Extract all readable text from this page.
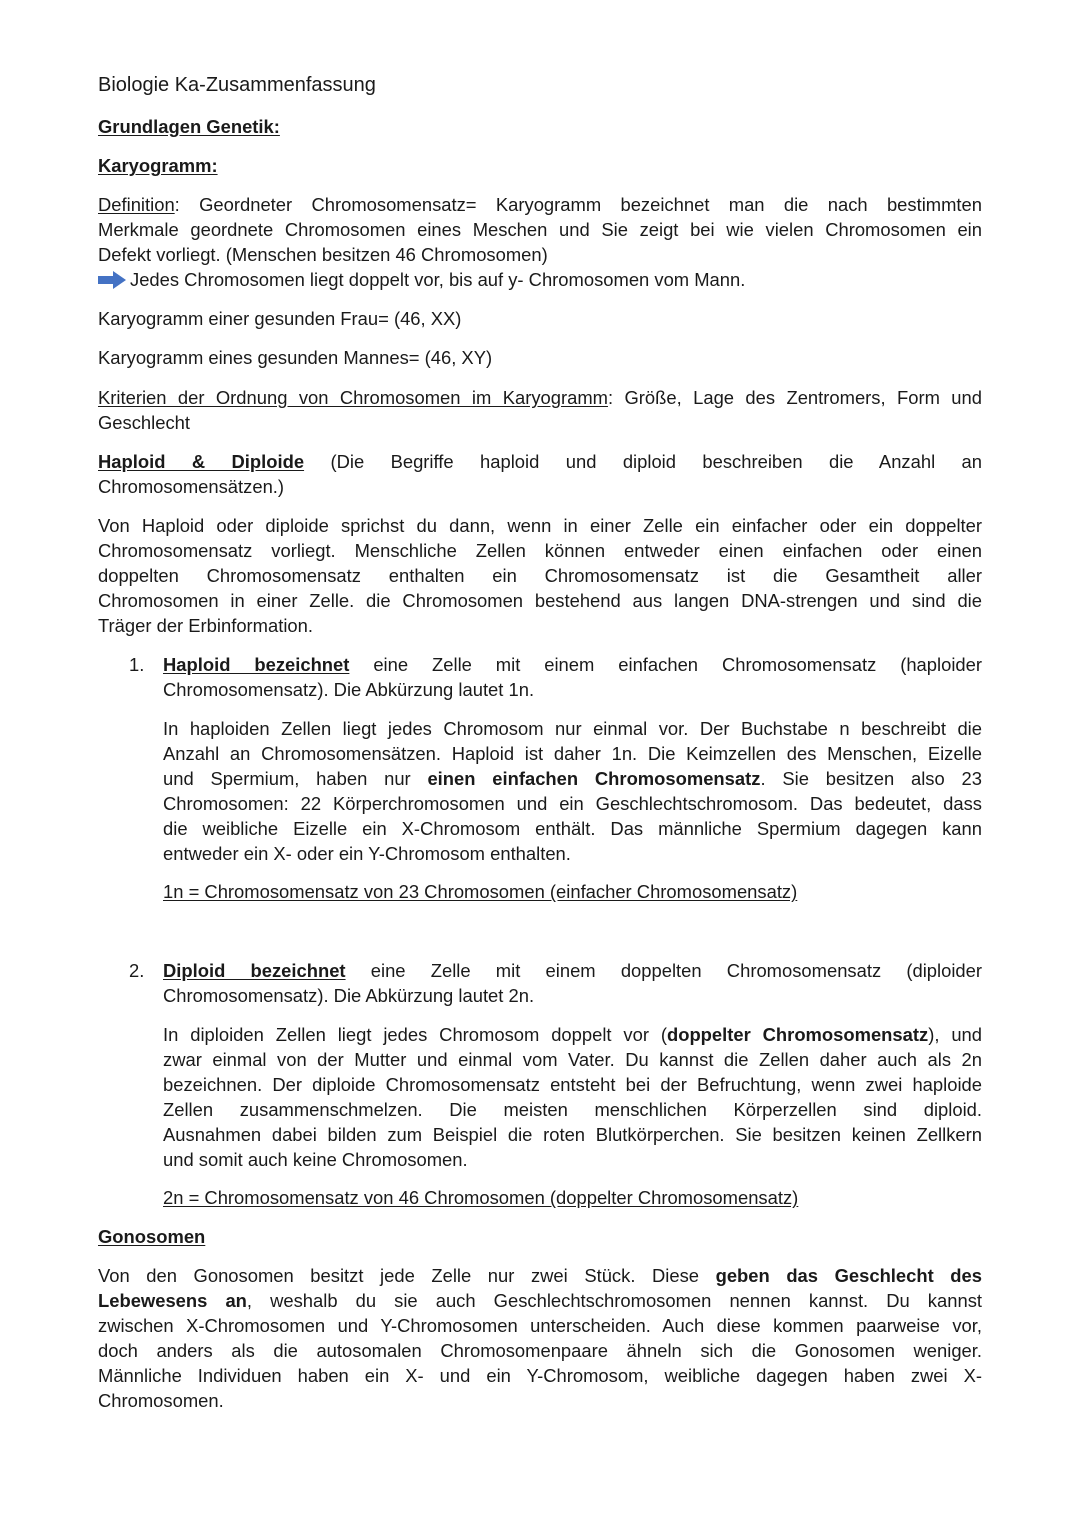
Biologie Ka-Zusammenfassung
Grundlagen Genetik:
Karyogramm:
Definition: Geordneter Chromosomensatz= Karyogramm bezeichnet man die nach bestimmten
Merkmale geordnete Chromosomen eines Meschen und Sie zeigt bei wie vielen Chromosomen ein
Defekt vorliegt. (Menschen besitzen 46 Chromosomen)
Jedes Chromosomen liegt doppelt vor, bis auf y- Chromosomen vom Mann.
Karyogramm einer gesunden Frau= (46, XX)
Karyogramm eines gesunden Mannes= (46, XY)
Kriterien der Ordnung von Chromosomen im Karyogramm: Größe, Lage des Zentromers, Form und
Geschlecht
Haploid & Diploide (Die Begriffe haploid und diploid beschreiben die Anzahl an
Chromosomensätzen.)
Von Haploid oder diploide sprichst du dann, wenn in einer Zelle ein einfacher oder ein doppelter
Chromosomensatz vorliegt. Menschliche Zellen können entweder einen einfachen oder einen
doppelten Chromosomensatz enthalten ein Chromosomensatz ist die Gesamtheit aller
Chromosomen in einer Zelle. die Chromosomen bestehend aus langen DNA-strengen und sind die
Träger der Erbinformation.
1. Haploid bezeichnet eine Zelle mit einem einfachen Chromosomensatz (haploider
Chromosomensatz). Die Abkürzung lautet 1n.
In haploiden Zellen liegt jedes Chromosom nur einmal vor. Der Buchstabe n beschreibt die
Anzahl an Chromosomensätzen. Haploid ist daher 1n. Die Keimzellen des Menschen, Eizelle
und Spermium, haben nur einen einfachen Chromosomensatz. Sie besitzen also 23
Chromosomen: 22 Körperchromosomen und ein Geschlechtschromosom. Das bedeutet, dass
die weibliche Eizelle ein X-Chromosom enthält. Das männliche Spermium dagegen kann
entweder ein X- oder ein Y-Chromosom enthalten.
1n = Chromosomensatz von 23 Chromosomen (einfacher Chromosomensatz)
2. Diploid bezeichnet eine Zelle mit einem doppelten Chromosomensatz (diploider
Chromosomensatz). Die Abkürzung lautet 2n.
In diploiden Zellen liegt jedes Chromosom doppelt vor (doppelter Chromosomensatz), und
zwar einmal von der Mutter und einmal vom Vater. Du kannst die Zellen daher auch als 2n
bezeichnen. Der diploide Chromosomensatz entsteht bei der Befruchtung, wenn zwei haploide
Zellen zusammenschmelzen. Die meisten menschlichen Körperzellen sind diploid.
Ausnahmen dabei bilden zum Beispiel die roten Blutkörperchen. Sie besitzen keinen Zellkern
und somit auch keine Chromosomen.
2n = Chromosomensatz von 46 Chromosomen (doppelter Chromosomensatz)
Gonosomen
Von den Gonosomen besitzt jede Zelle nur zwei Stück. Diese geben das Geschlecht des
Lebewesens an, weshalb du sie auch Geschlechtschromosomen nennen kannst. Du kannst
zwischen X-Chromosomen und Y-Chromosomen unterscheiden. Auch diese kommen paarweise vor,
doch anders als die autosomalen Chromosomenpaare ähneln sich die Gonosomen weniger.
Männliche Individuen haben ein X- und ein Y-Chromosom, weibliche dagegen haben zwei X-
Chromosomen.
